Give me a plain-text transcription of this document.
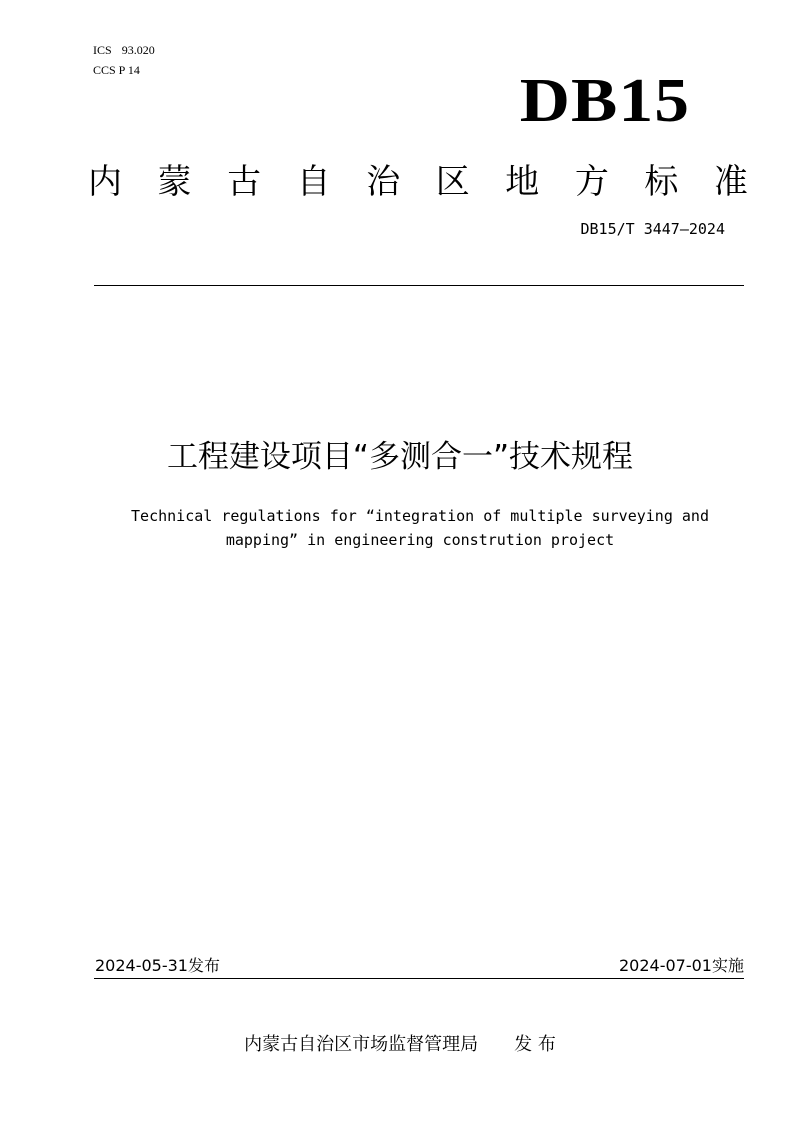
ICS 93.020
CCS P 14	DB15
内 蒙 古 自 治 区 地 方 标 准
DB15/T 3447—2024
工程建设项目“多测合一”技术规程
Technical regulations for “integration of multiple surveying and
mapping” in engineering constrution project
2024-05-31发布	2024-07-01实施
内蒙古自治区市场监督管理局 发 布
